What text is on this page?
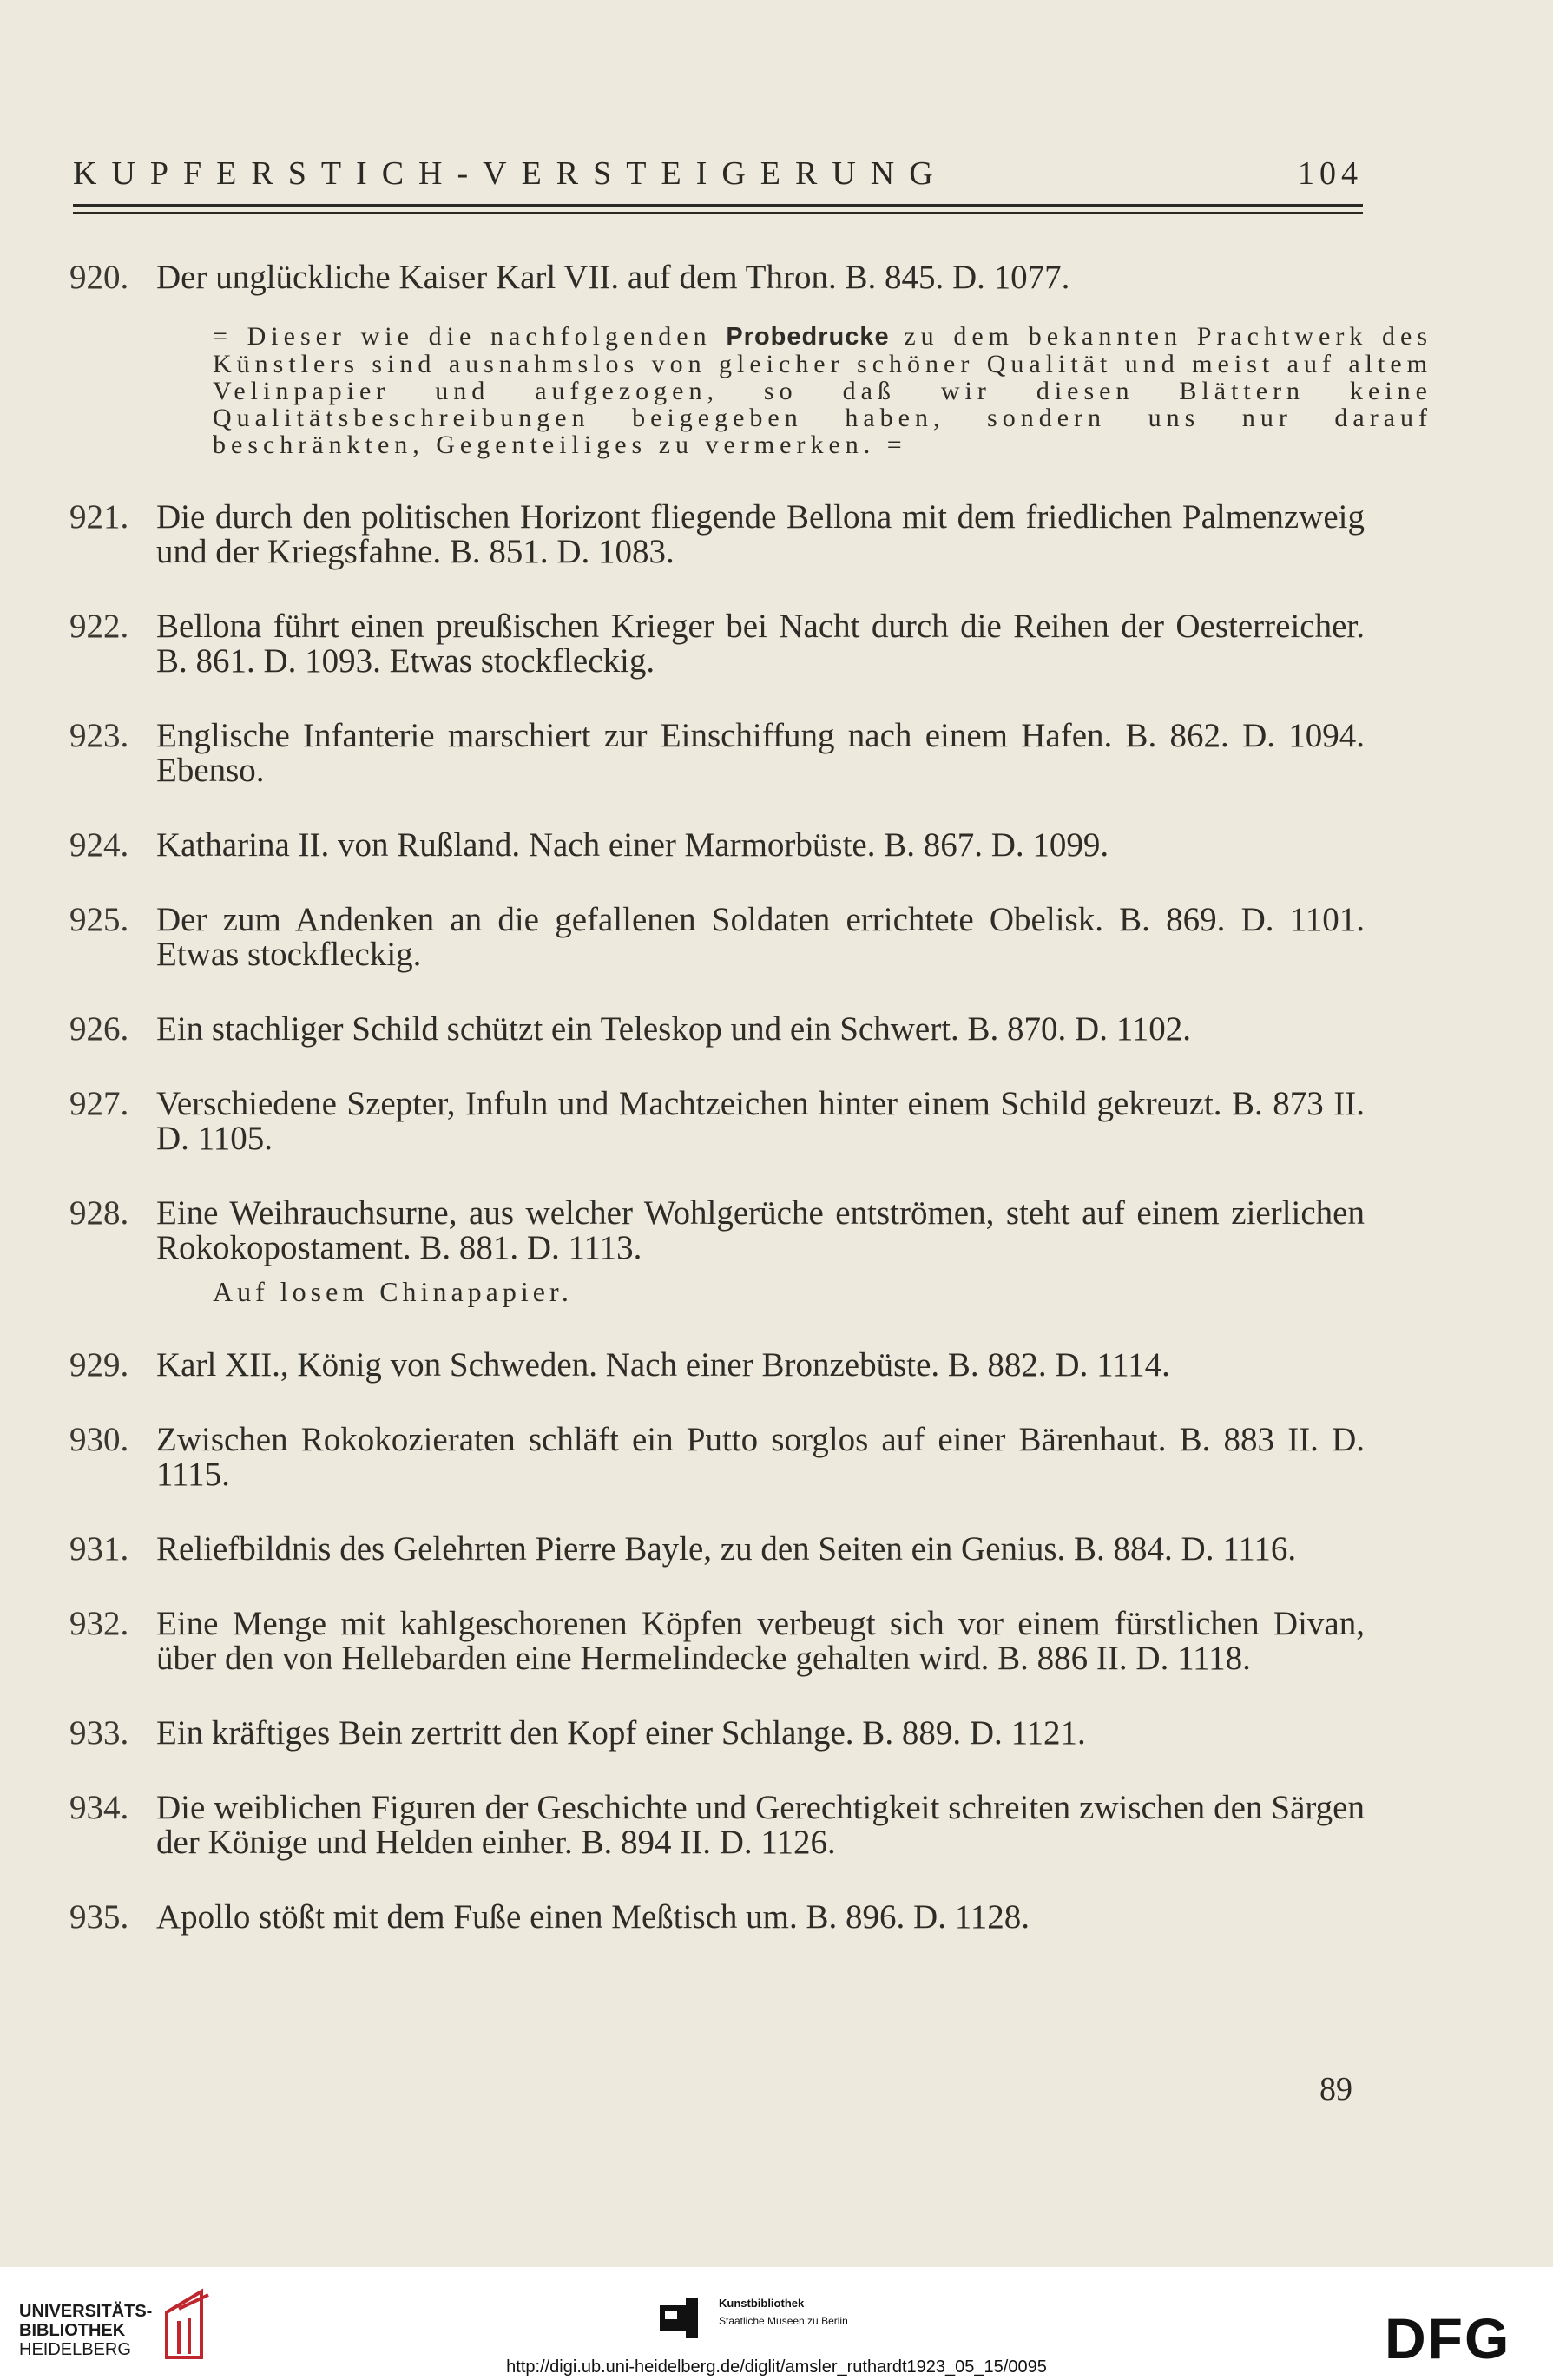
KUPFERSTICH-VERSTEIGERUNG	104
920. Der unglückliche Kaiser Karl VII. auf dem Thron. B. 845. D. 1077.
= Dieser wie die nachfolgenden Probedrucke zu dem bekannten Prachtwerk des Künstlers sind ausnahmslos von gleicher schöner Qualität und meist auf altem Velinpapier und aufgezogen, so daß wir diesen Blättern keine Qualitätsbeschreibungen beigegeben haben, sondern uns nur darauf beschränkten, Gegenteiliges zu vermerken. =
921. Die durch den politischen Horizont fliegende Bellona mit dem friedlichen Palmenzweig und der Kriegsfahne. B. 851. D. 1083.
922. Bellona führt einen preußischen Krieger bei Nacht durch die Reihen der Oesterreicher. B. 861. D. 1093. Etwas stockfleckig.
923. Englische Infanterie marschiert zur Einschiffung nach einem Hafen. B. 862. D. 1094. Ebenso.
924. Katharina II. von Rußland. Nach einer Marmorbüste. B. 867. D. 1099.
925. Der zum Andenken an die gefallenen Soldaten errichtete Obelisk. B. 869. D. 1101. Etwas stockfleckig.
926. Ein stachliger Schild schützt ein Teleskop und ein Schwert. B. 870. D. 1102.
927. Verschiedene Szepter, Infuln und Machtzeichen hinter einem Schild gekreuzt. B. 873 II. D. 1105.
928. Eine Weihrauchsurne, aus welcher Wohlgerüche entströmen, steht auf einem zierlichen Rokokopostament. B. 881. D. 1113.
Auf losem Chinapapier.
929. Karl XII., König von Schweden. Nach einer Bronzebüste. B. 882. D. 1114.
930. Zwischen Rokokozieraten schläft ein Putto sorglos auf einer Bärenhaut. B. 883 II. D. 1115.
931. Reliefbildnis des Gelehrten Pierre Bayle, zu den Seiten ein Genius. B. 884. D. 1116.
932. Eine Menge mit kahlgeschorenen Köpfen verbeugt sich vor einem fürstlichen Divan, über den von Hellebarden eine Hermelindecke gehalten wird. B. 886 II. D. 1118.
933. Ein kräftiges Bein zertritt den Kopf einer Schlange. B. 889. D. 1121.
934. Die weiblichen Figuren der Geschichte und Gerechtigkeit schreiten zwischen den Särgen der Könige und Helden einher. B. 894 II. D. 1126.
935. Apollo stößt mit dem Fuße einen Meßtisch um. B. 896. D. 1128.
89
UNIVERSITÄTS-
BIBLIOTHEK
HEIDELBERG
Kunstbibliothek
Staatliche Museen zu Berlin	DFG
http://digi.ub.uni-heidelberg.de/diglit/amsler_ruthardt1923_05_15/0095
